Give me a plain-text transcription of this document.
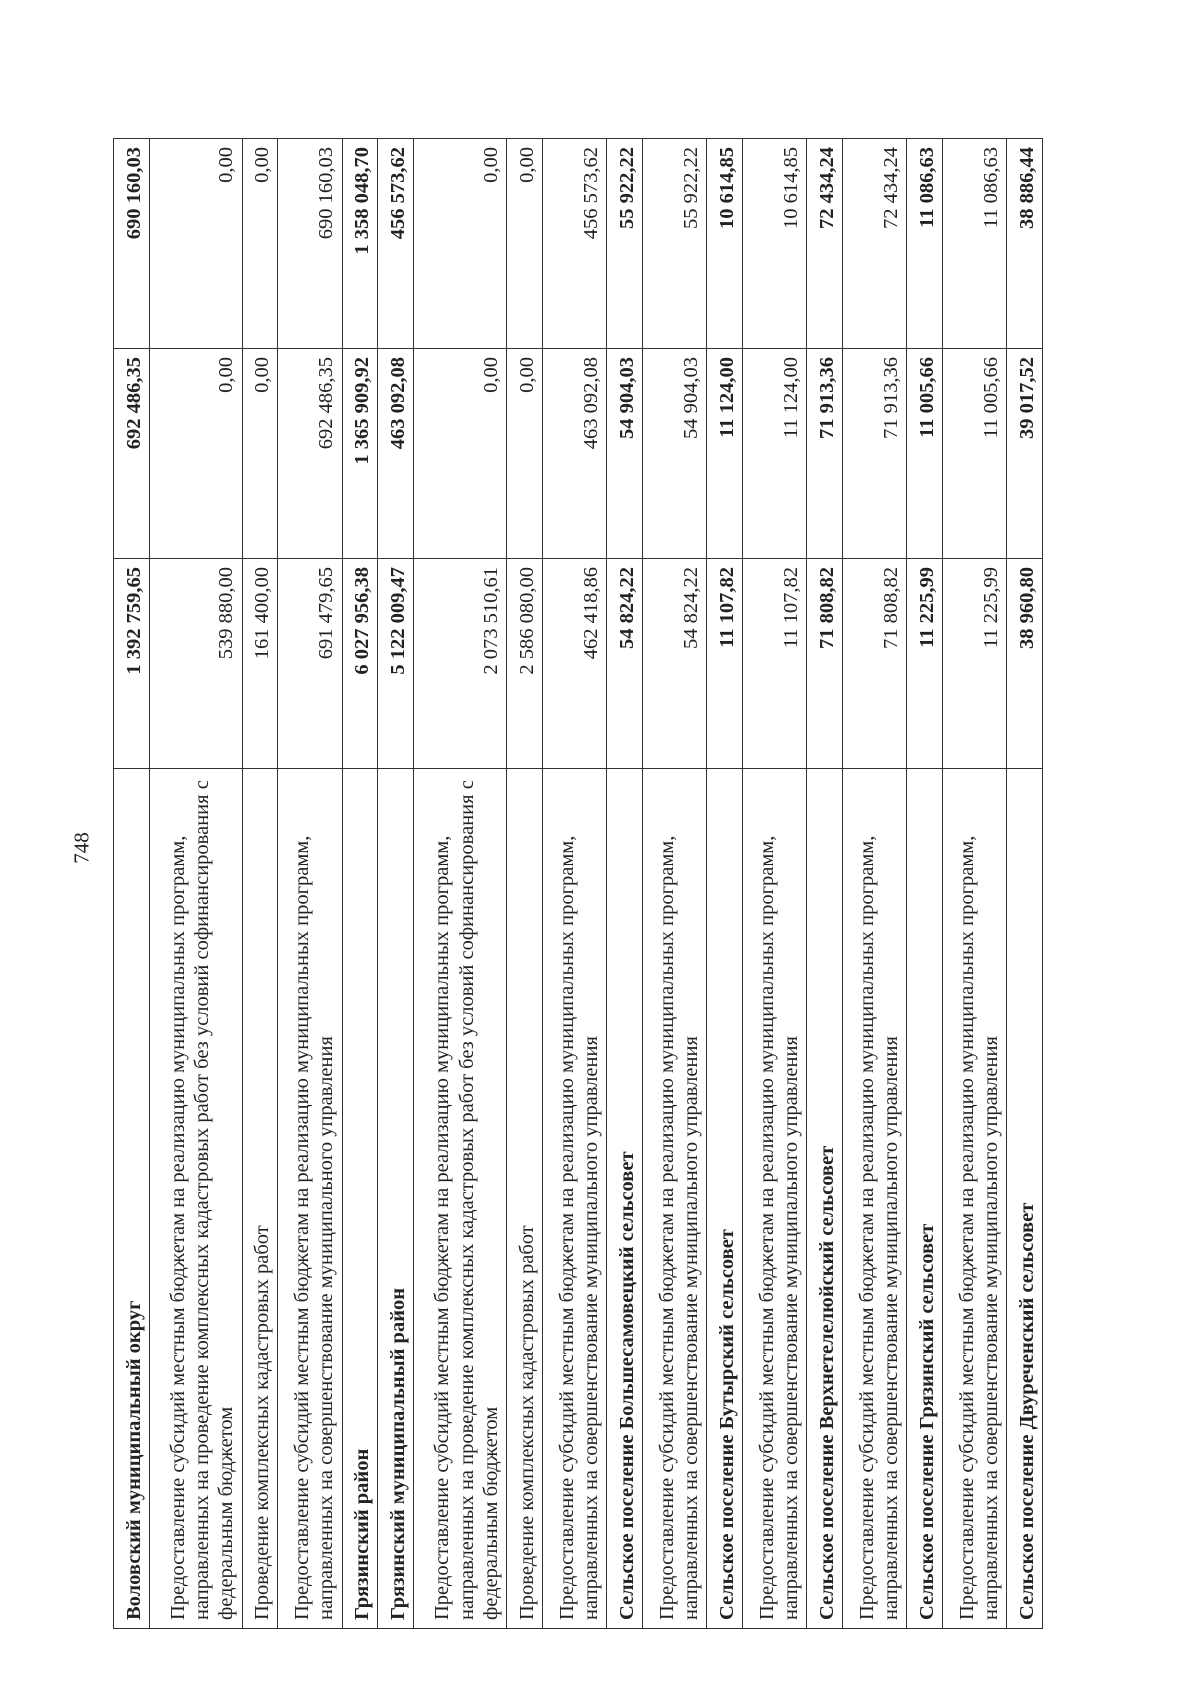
748
Воловский муниципальный округ	1 392 759,65	692 486,35	690 160,03
Предоставление субсидий местным бюджетам на реализацию муниципальных программ, направленных на проведение комплексных кадастровых работ без условий софинансирования с федеральным бюджетом	539 880,00	0,00	0,00
Проведение комплексных кадастровых работ	161 400,00	0,00	0,00
Предоставление субсидий местным бюджетам на реализацию муниципальных программ, направленных на совершенствование муниципального управления	691 479,65	692 486,35	690 160,03
Грязинский район	6 027 956,38	1 365 909,92	1 358 048,70
Грязинский муниципальный район	5 122 009,47	463 092,08	456 573,62
Предоставление субсидий местным бюджетам на реализацию муниципальных программ, направленных на проведение комплексных кадастровых работ без условий софинансирования с федеральным бюджетом	2 073 510,61	0,00	0,00
Проведение комплексных кадастровых работ	2 586 080,00	0,00	0,00
Предоставление субсидий местным бюджетам на реализацию муниципальных программ, направленных на совершенствование муниципального управления	462 418,86	463 092,08	456 573,62
Сельское поселение Большесамовецкий сельсовет	54 824,22	54 904,03	55 922,22
Предоставление субсидий местным бюджетам на реализацию муниципальных программ, направленных на совершенствование муниципального управления	54 824,22	54 904,03	55 922,22
Сельское поселение Бутырский сельсовет	11 107,82	11 124,00	10 614,85
Предоставление субсидий местным бюджетам на реализацию муниципальных программ, направленных на совершенствование муниципального управления	11 107,82	11 124,00	10 614,85
Сельское поселение Верхнетелелюйский сельсовет	71 808,82	71 913,36	72 434,24
Предоставление субсидий местным бюджетам на реализацию муниципальных программ, направленных на совершенствование муниципального управления	71 808,82	71 913,36	72 434,24
Сельское поселение Грязинский сельсовет	11 225,99	11 005,66	11 086,63
Предоставление субсидий местным бюджетам на реализацию муниципальных программ, направленных на совершенствование муниципального управления	11 225,99	11 005,66	11 086,63
Сельское поселение Двуреченский сельсовет	38 960,80	39 017,52	38 886,44
